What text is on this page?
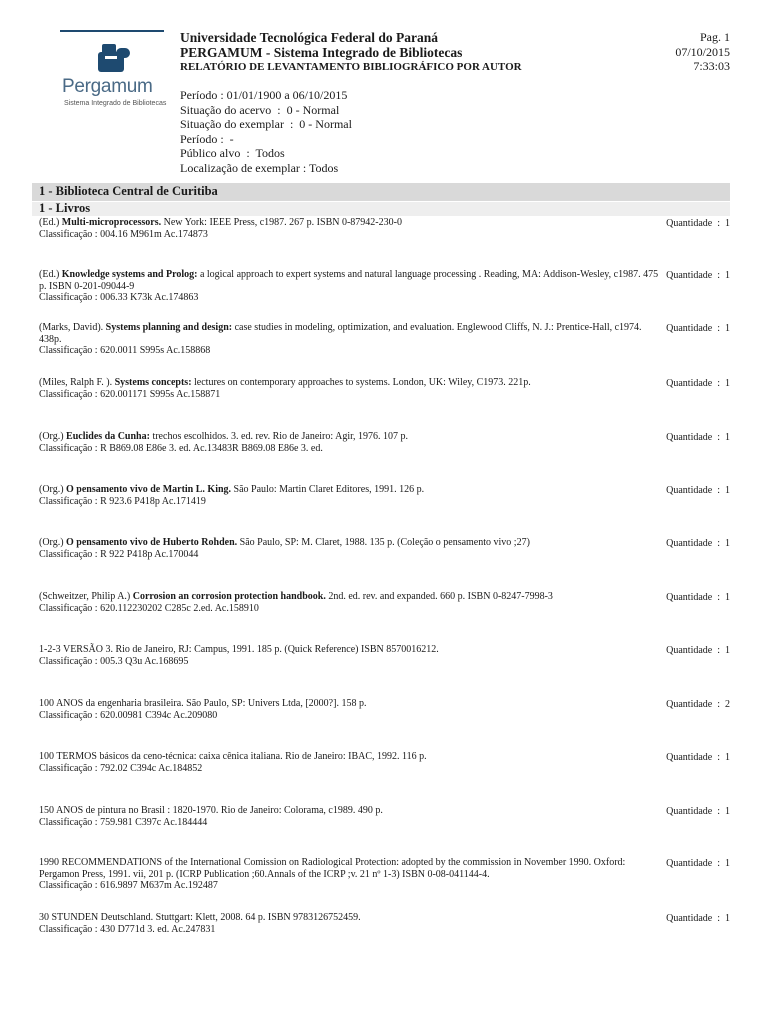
Pergamum
Sistema Integrado de Bibliotecas
Universidade Tecnológica Federal do Paraná
PERGAMUM - Sistema Integrado de Bibliotecas
RELATÓRIO DE LEVANTAMENTO BIBLIOGRÁFICO POR AUTOR
Pag. 1
07/10/2015
7:33:03
Período : 01/01/1900 a 06/10/2015
Situação do acervo  :  0 - Normal
Situação do exemplar  :  0 - Normal
Período :  -
Público alvo  :  Todos
Localização de exemplar : Todos
1 - Biblioteca Central de Curitiba
1 - Livros
(Ed.) Multi-microprocessors. New York: IEEE Press, c1987. 267 p. ISBN 0-87942-230-0
Classificação : 004.16 M961m Ac.174873
Quantidade  :  1
(Ed.) Knowledge systems and Prolog: a logical approach to expert systems and natural language processing . Reading, MA: Addison-Wesley, c1987. 475 p. ISBN 0-201-09044-9
Classificação : 006.33 K73k Ac.174863
Quantidade  :  1
(Marks, David). Systems planning and design: case studies in modeling, optimization, and evaluation. Englewood Cliffs, N. J.: Prentice-Hall, c1974. 438p.
Classificação : 620.0011 S995s Ac.158868
Quantidade  :  1
(Miles, Ralph F. ). Systems concepts: lectures on contemporary approaches to systems. London, UK: Wiley, C1973. 221p.
Classificação : 620.001171 S995s Ac.158871
Quantidade  :  1
(Org.) Euclides da Cunha: trechos escolhidos. 3. ed. rev. Rio de Janeiro: Agir, 1976. 107 p.
Classificação : R B869.08 E86e 3. ed. Ac.13483R B869.08 E86e 3. ed.
Quantidade  :  1
(Org.) O pensamento vivo de Martin L. King. São Paulo: Martin Claret Editores, 1991. 126 p.
Classificação : R 923.6 P418p Ac.171419
Quantidade  :  1
(Org.) O pensamento vivo de Huberto Rohden. São Paulo, SP: M. Claret, 1988. 135 p. (Coleção o pensamento vivo ;27)
Classificação : R 922 P418p Ac.170044
Quantidade  :  1
(Schweitzer, Philip A.) Corrosion an corrosion protection handbook. 2nd. ed. rev. and expanded. 660 p. ISBN 0-8247-7998-3
Classificação : 620.112230202 C285c 2.ed. Ac.158910
Quantidade  :  1
1-2-3 VERSÃO 3. Rio de Janeiro, RJ: Campus, 1991. 185 p. (Quick Reference) ISBN 8570016212.
Classificação : 005.3 Q3u Ac.168695
Quantidade  :  1
100 ANOS da engenharia brasileira. São Paulo, SP: Univers Ltda, [2000?]. 158 p.
Classificação : 620.00981 C394c Ac.209080
Quantidade  :  2
100 TERMOS básicos da ceno-técnica: caixa cênica italiana. Rio de Janeiro: IBAC, 1992. 116 p.
Classificação : 792.02 C394c Ac.184852
Quantidade  :  1
150 ANOS de pintura no Brasil : 1820-1970. Rio de Janeiro: Colorama, c1989. 490 p.
Classificação : 759.981 C397c Ac.184444
Quantidade  :  1
1990 RECOMMENDATIONS of the International Comission on Radiological Protection: adopted by the commission in November 1990. Oxford: Pergamon Press, 1991. vii, 201 p. (ICRP Publication ;60.Annals of the ICRP ;v. 21 nº 1-3) ISBN 0-08-041144-4.
Classificação : 616.9897 M637m Ac.192487
Quantidade  :  1
30 STUNDEN Deutschland. Stuttgart: Klett, 2008. 64 p. ISBN 9783126752459.
Classificação : 430 D771d 3. ed. Ac.247831
Quantidade  :  1
